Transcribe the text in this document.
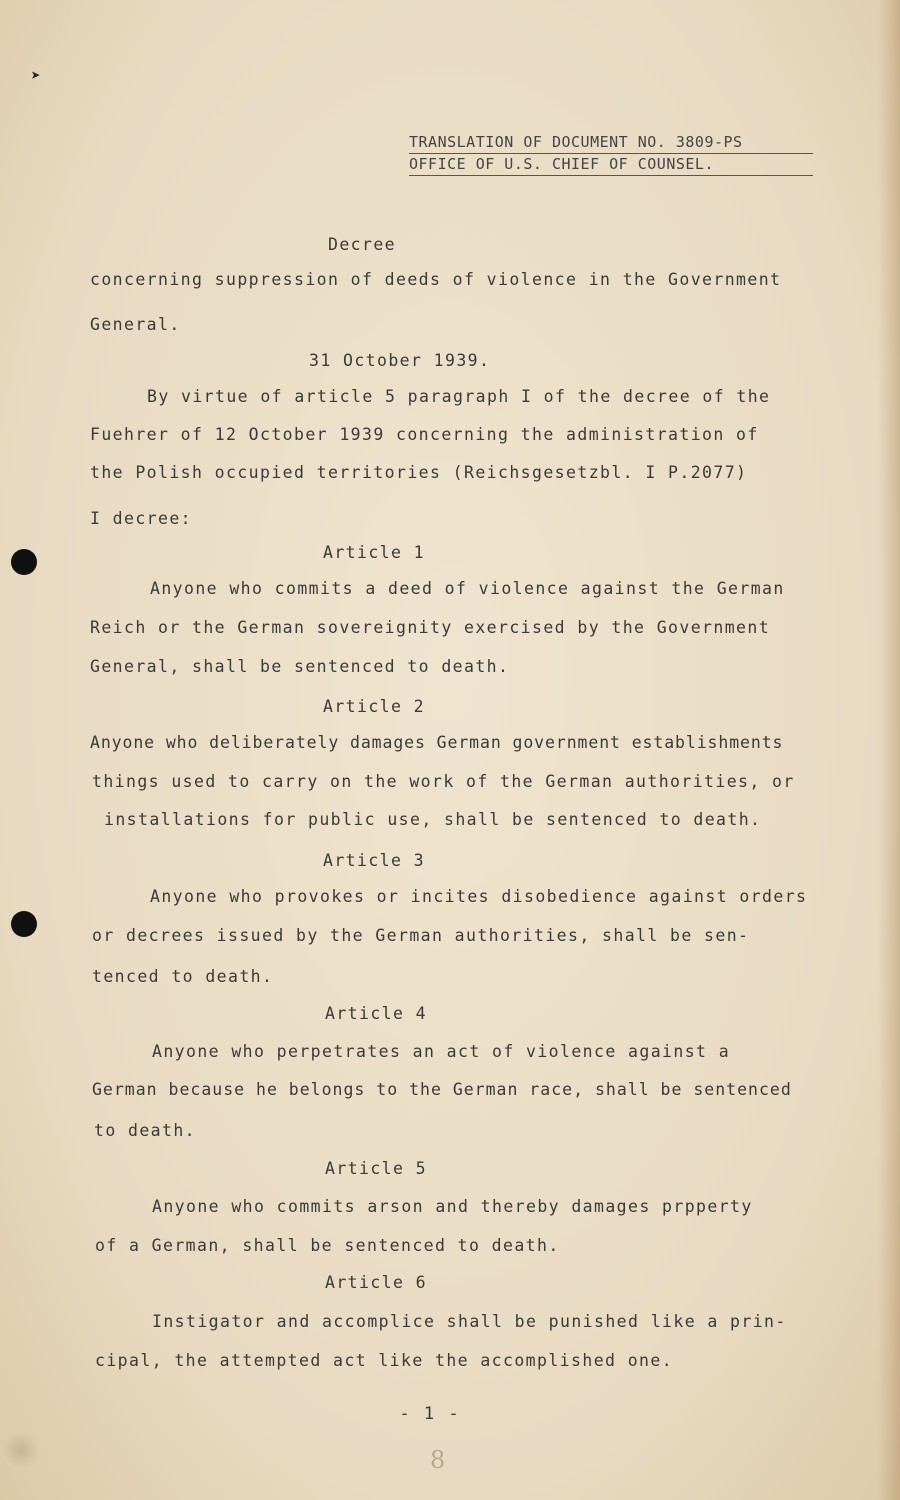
➤
TRANSLATION OF DOCUMENT NO. 3809-PS
OFFICE OF U.S. CHIEF OF COUNSEL.
Decree
concerning suppression of deeds of violence in the Government
General.
31 October 1939.
By virtue of article 5 paragraph I of the decree of the
Fuehrer of 12 October 1939 concerning the administration of
the Polish occupied territories (Reichsgesetzbl. I P.2077)
I decree:
Article 1
Anyone who commits a deed of violence against the German
Reich or the German sovereignity exercised by the Government
General, shall be sentenced to death.
Article 2
Anyone who deliberately damages German government establishments
things used to carry on the work of the German authorities, or
installations for public use, shall be sentenced to death.
Article 3
Anyone who provokes or incites disobedience against orders
or decrees issued by the German authorities, shall be sen-
tenced to death.
Article 4
Anyone who perpetrates an act of violence against a
German because he belongs to the German race, shall be sentenced
to death.
Article 5
Anyone who commits arson and thereby damages prpperty
of a German, shall be sentenced to death.
Article 6
Instigator and accomplice shall be punished like a prin-
cipal, the attempted act like the accomplished one.
- 1 -
8
